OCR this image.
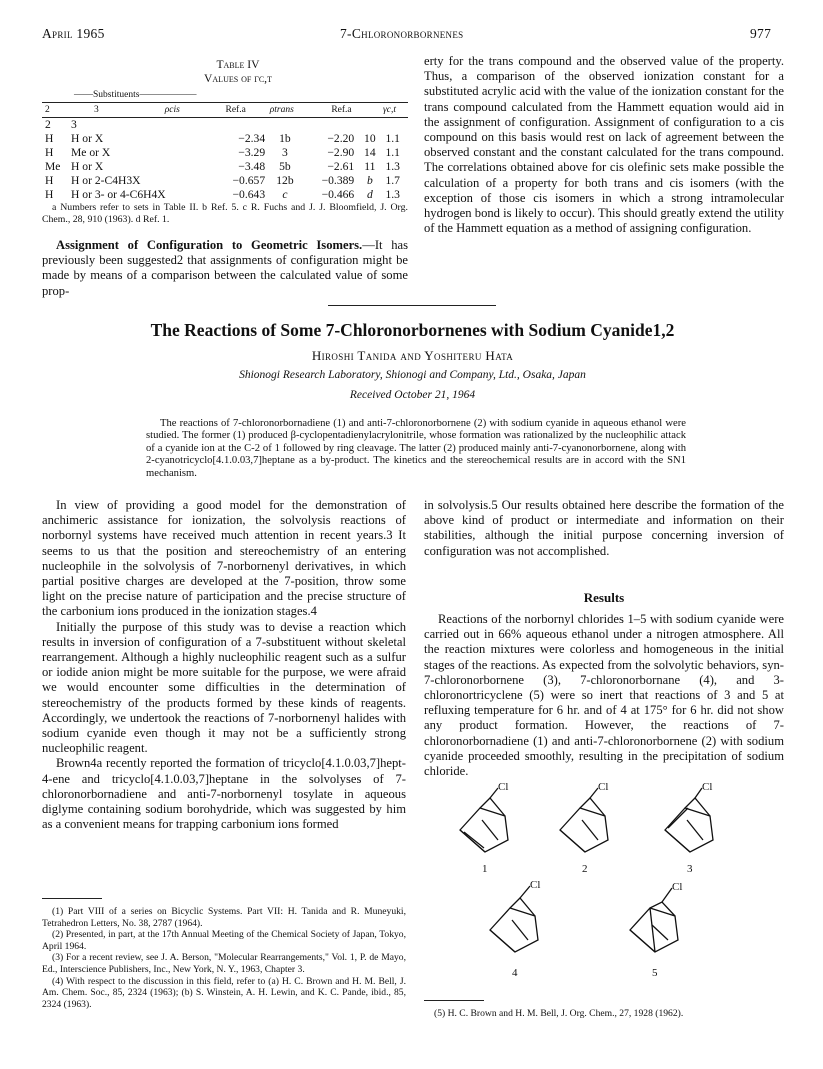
April 1965	7-Chloronorbornenes	977
Table IV
Values of γc,t
——Substituents——————
2	3	ρcis	Ref.a	ρtrans	Ref.a	γc,t
2	3					
H	H or X	−2.34	1b	−2.20	10	1.1
H	Me or X	−3.29	3	−2.90	14	1.1
Me	H or X	−3.48	5b	−2.61	11	1.3
H	H or 2-C4H3X	−0.657	12b	−0.389	b	1.7
H	H or 3- or 4-C6H4X	−0.643	c	−0.466	d	1.3
a Numbers refer to sets in Table II. b Ref. 5. c R. Fuchs and J. J. Bloomfield, J. Org. Chem., 28, 910 (1963). d Ref. 1.

Assignment of Configuration to Geometric Isomers.—It has previously been suggested2 that assignments of configuration might be made by means of a comparison between the calculated value of some prop-

erty for the trans compound and the observed value of the property. Thus, a comparison of the observed ionization constant for a substituted acrylic acid with the value of the ionization constant for the trans compound calculated from the Hammett equation would aid in the assignment of configuration. Assignment of configuration to a cis compound on this basis would rest on lack of agreement between the observed constant and the constant calculated for the trans compound. The correlations obtained above for cis olefinic sets make possible the calculation of a property for both trans and cis isomers (with the exception of those cis isomers in which a strong intramolecular hydrogen bond is likely to occur). This should greatly extend the utility of the Hammett equation as a method of assigning configuration.

The Reactions of Some 7-Chloronorbornenes with Sodium Cyanide1,2
Hiroshi Tanida and Yoshiteru Hata
Shionogi Research Laboratory, Shionogi and Company, Ltd., Osaka, Japan
Received October 21, 1964
The reactions of 7-chloronorbornadiene (1) and anti-7-chloronorbornene (2) with sodium cyanide in aqueous ethanol were studied. The former (1) produced β-cyclopentadienylacrylonitrile, whose formation was rationalized by the nucleophilic attack of a cyanide ion at the C-2 of 1 followed by ring cleavage. The latter (2) produced mainly anti-7-cyanonorbornene, along with 2-cyanotricyclo[4.1.0.03,7]heptane as a by-product. The kinetics and the stereochemical results are in accord with the SN1 mechanism.

In view of providing a good model for the demonstration of anchimeric assistance for ionization, the solvolysis reactions of norbornyl systems have received much attention in recent years.3 It seems to us that the position and stereochemistry of an entering nucleophile in the solvolysis of 7-norbornenyl derivatives, in which partial positive charges are developed at the 7-position, throw some light on the precise nature of participation and the precise structure of the carbonium ions produced in the ionization stages.4

Initially the purpose of this study was to devise a reaction which results in inversion of configuration of a 7-substituent without skeletal rearrangement. Although a highly nucleophilic reagent such as a sulfur or iodide anion might be more suitable for the purpose, we were afraid we would encounter some difficulties in the determination of stereochemistry of the products formed by these kinds of reagents. Accordingly, we undertook the reactions of 7-norbornenyl halides with sodium cyanide even though it may not be a sufficiently strong nucleophilic reagent.

Brown4a recently reported the formation of tricyclo[4.1.0.03,7]hept-4-ene and tricyclo[4.1.0.03,7]heptane in the solvolyses of 7-chloronorbornadiene and anti-7-norbornenyl tosylate in aqueous diglyme containing sodium borohydride, which was suggested by him as a convenient means for trapping carbonium ions formed

(1) Part VIII of a series on Bicyclic Systems. Part VII: H. Tanida and R. Muneyuki, Tetrahedron Letters, No. 38, 2787 (1964).

(2) Presented, in part, at the 17th Annual Meeting of the Chemical Society of Japan, Tokyo, April 1964.

(3) For a recent review, see J. A. Berson, "Molecular Rearrangements," Vol. 1, P. de Mayo, Ed., Interscience Publishers, Inc., New York, N. Y., 1963, Chapter 3.

(4) With respect to the discussion in this field, refer to (a) H. C. Brown and H. M. Bell, J. Am. Chem. Soc., 85, 2324 (1963); (b) S. Winstein, A. H. Lewin, and K. C. Pande, ibid., 85, 2324 (1963).

in solvolysis.5 Our results obtained here describe the formation of the above kind of product or intermediate and information on their stabilities, although the initial purpose concerning inversion of configuration was not accomplished.

Results

Reactions of the norbornyl chlorides 1–5 with sodium cyanide were carried out in 66% aqueous ethanol under a nitrogen atmosphere. All the reaction mixtures were colorless and homogeneous in the initial stages of the reactions. As expected from the solvolytic behaviors, syn-7-chloronorbornene (3), 7-chloronorbornane (4), and 3-chloronortricyclene (5) were so inert that reactions of 3 and 5 at refluxing temperature for 6 hr. and of 4 at 175° for 6 hr. did not show any product formation. However, the reactions of 7-chloronorbornadiene (1) and anti-7-chloronorbornene (2) with sodium cyanide proceeded smoothly, resulting in the precipitation of sodium chloride.

Cl
1
Cl
2
Cl
3
Cl
4
Cl
5

(5) H. C. Brown and H. M. Bell, J. Org. Chem., 27, 1928 (1962).
